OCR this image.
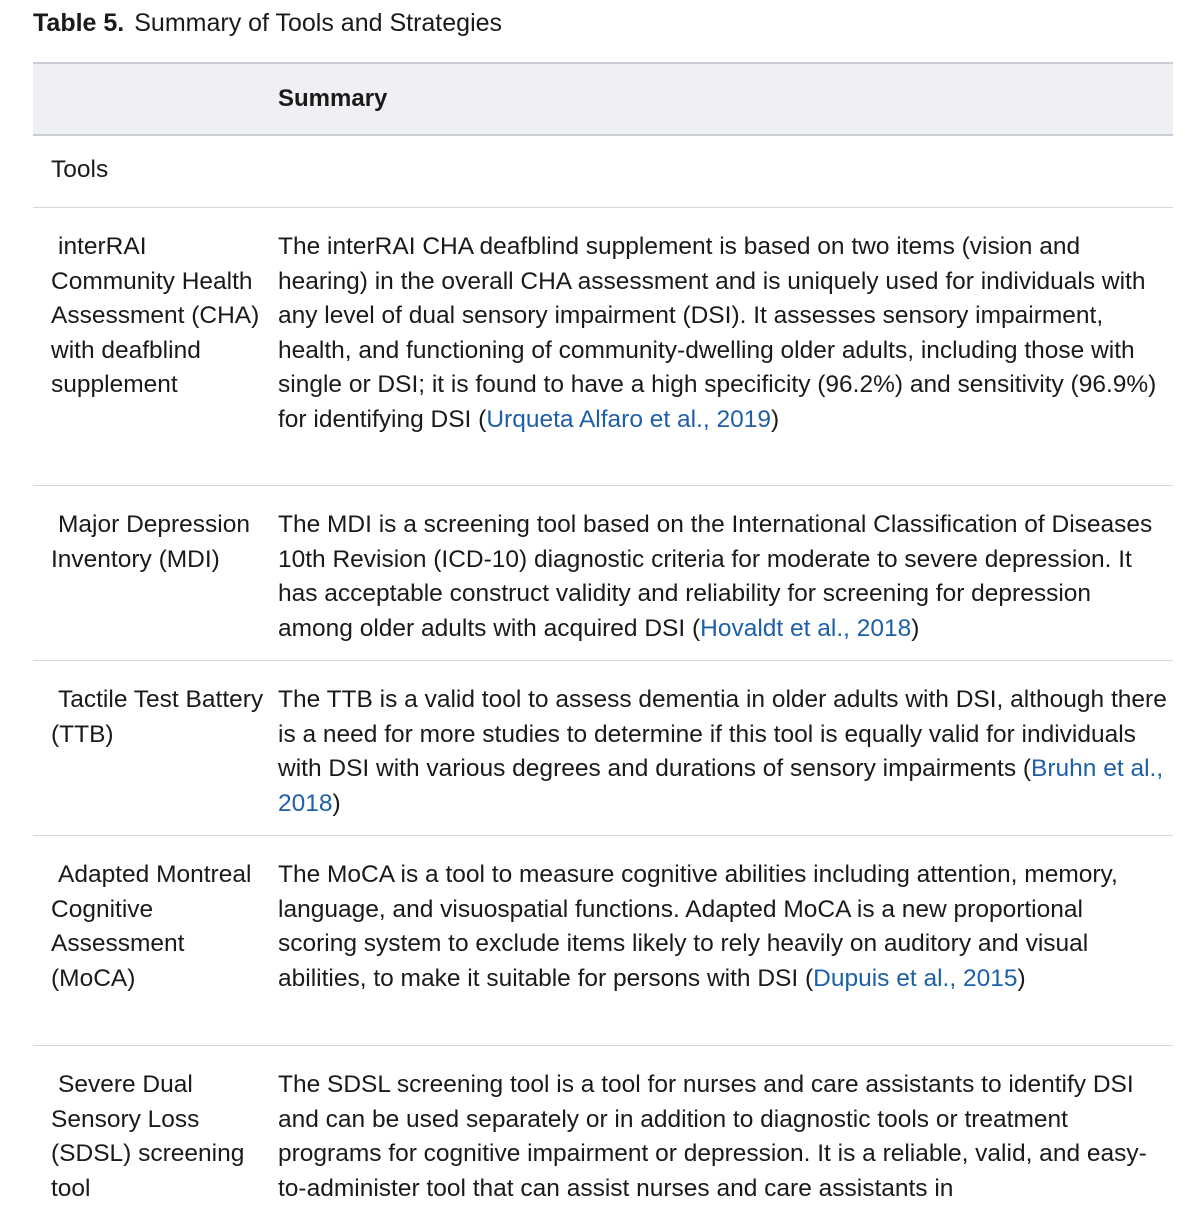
Table 5. Summary of Tools and Strategies
Summary
Tools
interRAI Community Health Assessment (CHA) with deafblind supplement
The interRAI CHA deafblind supplement is based on two items (vision and hearing) in the overall CHA assessment and is uniquely used for individuals with any level of dual sensory impairment (DSI). It assesses sensory impairment, health, and functioning of community-dwelling older adults, including those with single or DSI; it is found to have a high specificity (96.2%) and sensitivity (96.9%) for identifying DSI (Urqueta Alfaro et al., 2019)
Major Depression Inventory (MDI)
The MDI is a screening tool based on the International Classification of Diseases 10th Revision (ICD-10) diagnostic criteria for moderate to severe depression. It has acceptable construct validity and reliability for screening for depression among older adults with acquired DSI (Hovaldt et al., 2018)
Tactile Test Battery (TTB)
The TTB is a valid tool to assess dementia in older adults with DSI, although there is a need for more studies to determine if this tool is equally valid for individuals with DSI with various degrees and durations of sensory impairments (Bruhn et al., 2018)
Adapted Montreal Cognitive Assessment (MoCA)
The MoCA is a tool to measure cognitive abilities including attention, memory, language, and visuospatial functions. Adapted MoCA is a new proportional scoring system to exclude items likely to rely heavily on auditory and visual abilities, to make it suitable for persons with DSI (Dupuis et al., 2015)
Severe Dual Sensory Loss (SDSL) screening tool
The SDSL screening tool is a tool for nurses and care assistants to identify DSI and can be used separately or in addition to diagnostic tools or treatment programs for cognitive impairment or depression. It is a reliable, valid, and easy-to-administer tool that can assist nurses and care assistants in
